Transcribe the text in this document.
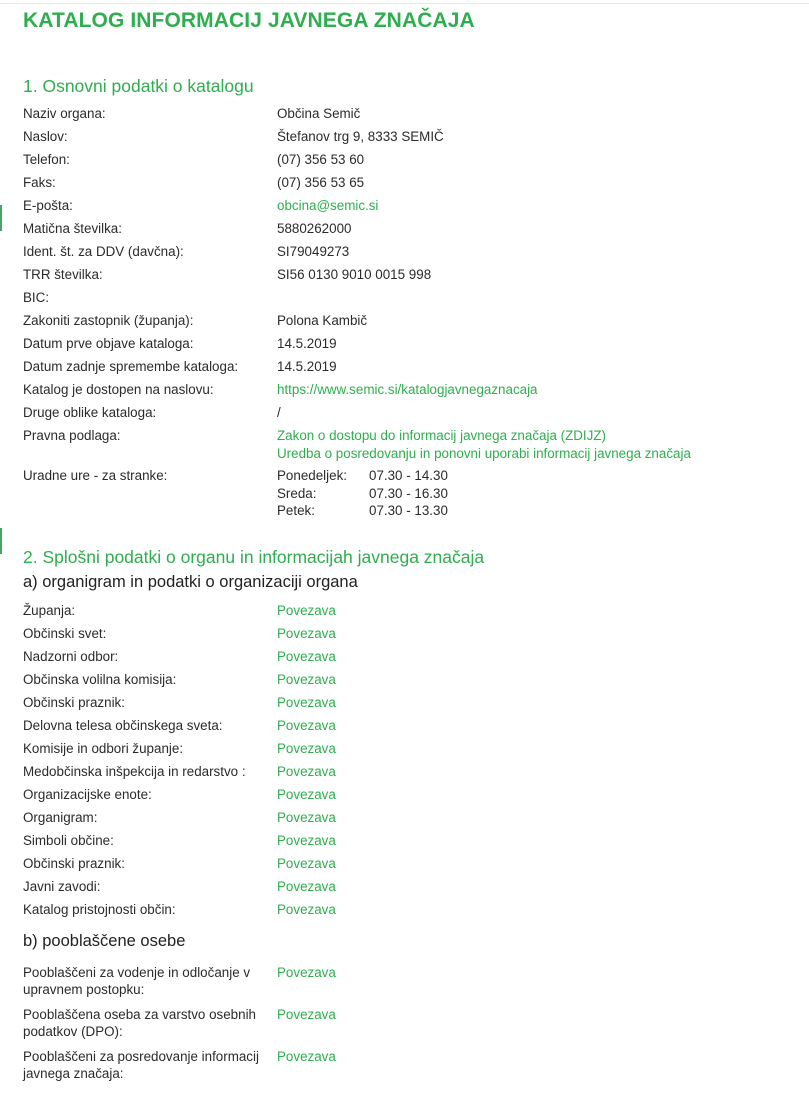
KATALOG INFORMACIJ JAVNEGA ZNAČAJA
1. Osnovni podatki o katalogu
Naziv organa:	Občina Semič
Naslov:	Štefanov trg 9, 8333 SEMIČ
Telefon:	(07) 356 53 60
Faks:	(07) 356 53 65
E-pošta:	obcina@semic.si
Matična številka:	5880262000
Ident. št. za DDV (davčna):	SI79049273
TRR številka:	SI56 0130 9010 0015 998
BIC:
Zakoniti zastopnik (županja):	Polona Kambič
Datum prve objave kataloga:	14.5.2019
Datum zadnje spremembe kataloga:	14.5.2019
Katalog je dostopen na naslovu:	https://www.semic.si/katalogjavnegaznacaja
Druge oblike kataloga:	/
Pravna podlaga:	Zakon o dostopu do informacij javnega značaja (ZDIJZ)
Uredba o posredovanju in ponovni uporabi informacij javnega značaja
Uradne ure - za stranke:	Ponedeljek:	07.30 - 14.30
Sreda:	07.30 - 16.30
Petek:	07.30 - 13.30
2. Splošni podatki o organu in informacijah javnega značaja
a) organigram in podatki o organizaciji organa
Županja:	Povezava
Občinski svet:	Povezava
Nadzorni odbor:	Povezava
Občinska volilna komisija:	Povezava
Občinski praznik:	Povezava
Delovna telesa občinskega sveta:	Povezava
Komisije in odbori županje:	Povezava
Medobčinska inšpekcija in redarstvo :	Povezava
Organizacijske enote:	Povezava
Organigram:	Povezava
Simboli občine:	Povezava
Občinski praznik:	Povezava
Javni zavodi:	Povezava
Katalog pristojnosti občin:	Povezava
b) pooblaščene osebe
Pooblaščeni za vodenje in odločanje v upravnem postopku:
Povezava
Pooblaščena oseba za varstvo osebnih podatkov (DPO):
Povezava
Pooblaščeni za posredovanje informacij javnega značaja:
Povezava
